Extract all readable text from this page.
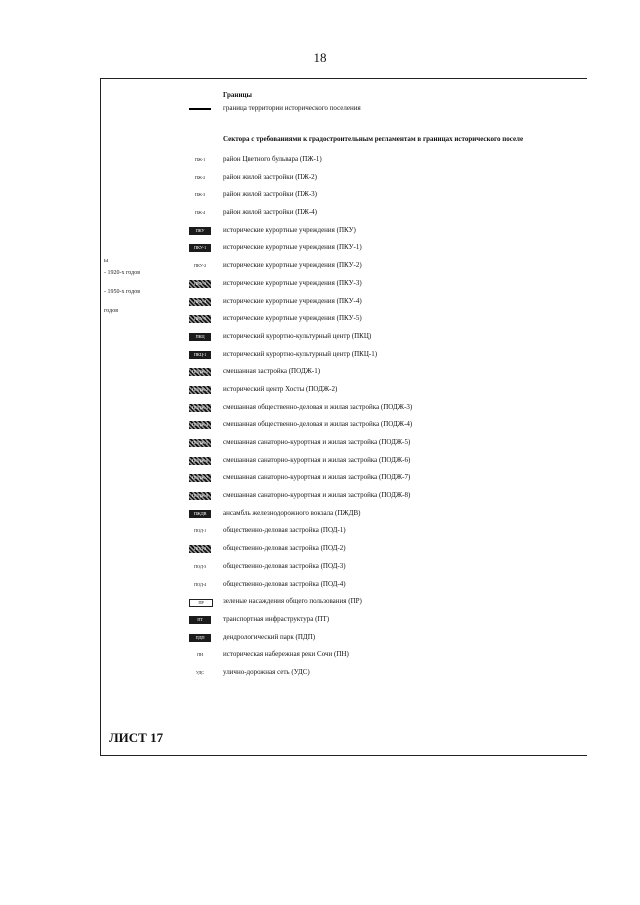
18
ы
- 1920-х годов
- 1950-х годов
годов
Границы
граница территории исторического поселения
Сектора с требованиями к градостроительным регламентам в границах исторического поселе
ПЖ-1	район Цветного бульвара (ПЖ-1)
ПЖ-2	район жилой застройки (ПЖ-2)
ПЖ-3	район жилой застройки (ПЖ-3)
ПЖ-4	район жилой застройки (ПЖ-4)
ПКУ	исторические курортные учреждения (ПКУ)
ПКУ-1	исторические курортные учреждения (ПКУ-1)
ПКУ-2	исторические курортные учреждения (ПКУ-2)
ПКУ-3	исторические курортные учреждения (ПКУ-3)
ПКУ-4	исторические курортные учреждения (ПКУ-4)
ПКУ-5	исторические курортные учреждения (ПКУ-5)
ПКЦ	исторический курортно-культурный центр (ПКЦ)
ПКЦ-1	исторический курортно-культурный центр (ПКЦ-1)
ПОДЖ-1	смешанная застройка (ПОДЖ-1)
ПОДЖ-2	исторический центр Хосты (ПОДЖ-2)
ПОДЖ-3	смешанная общественно-деловая и жилая застройка (ПОДЖ-3)
ПОДЖ-4	смешанная общественно-деловая и жилая застройка (ПОДЖ-4)
ПОДЖ-5	смешанная санаторно-курортная и жилая застройка (ПОДЖ-5)
ПОДЖ-6	смешанная санаторно-курортная и жилая застройка (ПОДЖ-6)
ПОДЖ-7	смешанная санаторно-курортная и жилая застройка (ПОДЖ-7)
ПОДЖ-8	смешанная санаторно-курортная и жилая застройка (ПОДЖ-8)
ПЖДВ	ансамбль железнодорожного вокзала (ПЖДВ)
ПОД-1	общественно-деловая застройка (ПОД-1)
ПОД-2	общественно-деловая застройка (ПОД-2)
ПОД-3	общественно-деловая застройка (ПОД-3)
ПОД-4	общественно-деловая застройка (ПОД-4)
ПР	зеленые насаждения общего пользования (ПР)
ПТ	транспортная инфраструктура (ПТ)
ПДП	дендрологический парк (ПДП)
ПН	историческая набережная реки Сочи (ПН)
УДС	улично-дорожная сеть (УДС)
ЛИСТ 17
